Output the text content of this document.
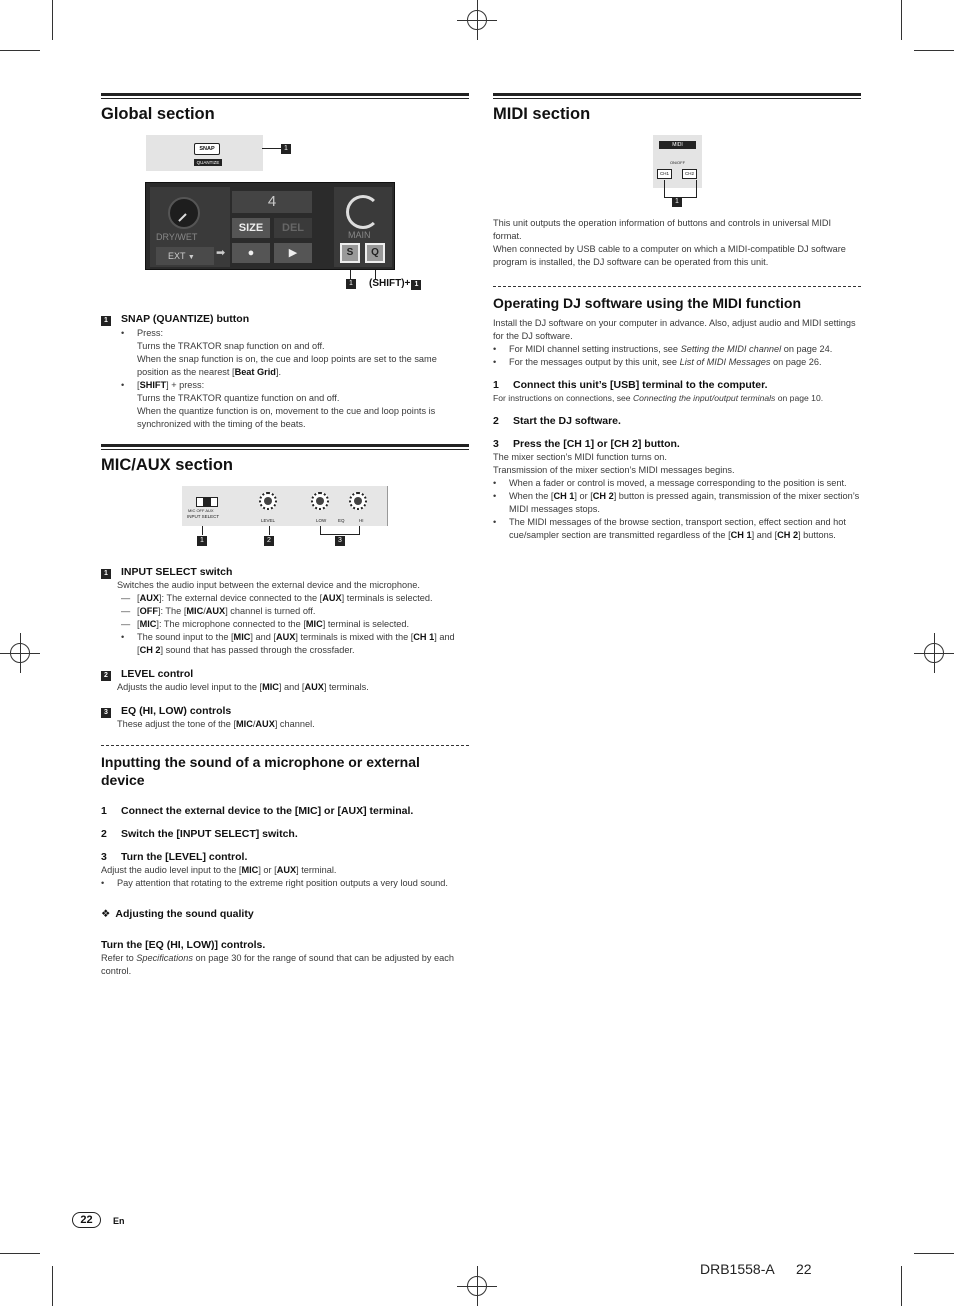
Global section
SNAP
QUANTIZE
1
DRY/WET
EXT ▼	➡
4
SIZE	DEL
●	▶
MAIN
S	Q
1	(SHIFT)+ 1
1 SNAP (QUANTIZE) button
• Press:

Turns the TRAKTOR snap function on and off.

When the snap function is on, the cue and loop points are set to the same position as the nearest [Beat Grid].

• [SHIFT] + press:

Turns the TRAKTOR quantize function on and off.

When the quantize function is on, movement to the cue and loop points is synchronized with the timing of the beats.

MIC/AUX section
MIC OFF AUX
INPUT SELECT
LEVEL	LOW	EQ	HI
1	2	3
1 INPUT SELECT switch

Switches the audio input between the external device and the microphone.

— [AUX]: The external device connected to the [AUX] terminals is selected.
— [OFF]: The [MIC/AUX] channel is turned off.
— [MIC]: The microphone connected to the [MIC] terminal is selected.
• The sound input to the [MIC] and [AUX] terminals is mixed with the [CH 1] and [CH 2] sound that has passed through the crossfader.
2 LEVEL control

Adjusts the audio level input to the [MIC] and [AUX] terminals.

3 EQ (HI, LOW) controls

These adjust the tone of the [MIC/AUX] channel.

Inputting the sound of a microphone or external device
1 Connect the external device to the [MIC] or [AUX] terminal.
2 Switch the [INPUT SELECT] switch.
3 Turn the [LEVEL] control.

Adjust the audio level input to the [MIC] or [AUX] terminal.

• Pay attention that rotating to the extreme right position outputs a very loud sound.
❖ Adjusting the sound quality
Turn the [EQ (HI, LOW)] controls.

Refer to Specifications on page 30 for the range of sound that can be adjusted by each control.

MIDI section
MIDI
ON/OFF
CH1	CH2
1

This unit outputs the operation information of buttons and controls in universal MIDI format.

When connected by USB cable to a computer on which a MIDI-compatible DJ software program is installed, the DJ software can be operated from this unit.

Operating DJ software using the MIDI function

Install the DJ software on your computer in advance. Also, adjust audio and MIDI settings for the DJ software.

• For MIDI channel setting instructions, see Setting the MIDI channel on page 24.
• For the messages output by this unit, see List of MIDI Messages on page 26.
1 Connect this unit’s [USB] terminal to the computer.

For instructions on connections, see Connecting the input/output terminals on page 10.

2 Start the DJ software.
3 Press the [CH 1] or [CH 2] button.

The mixer section’s MIDI function turns on.

Transmission of the mixer section’s MIDI messages begins.

• When a fader or control is moved, a message corresponding to the position is sent.
• When the [CH 1] or [CH 2] button is pressed again, transmission of the mixer section’s MIDI messages stops.
• The MIDI messages of the browse section, transport section, effect section and hot cue/sampler section are transmitted regardless of the [CH 1] and [CH 2] buttons.
22	En
DRB1558-A 22
